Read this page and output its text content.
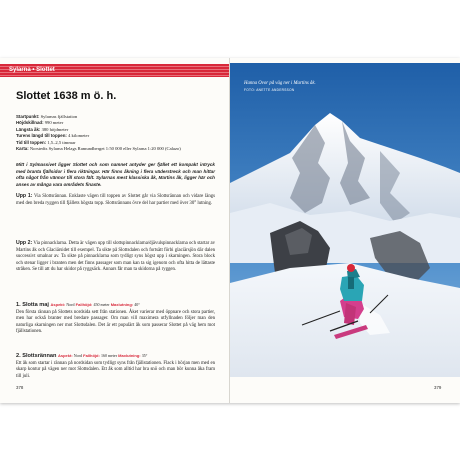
Sylarna • Slottet
Slottet 1638 m ö. h.
Startpunkt: Sylarnas fjällstation
Höjdskillnad: 990 meter
Längsta åk: 380 höjdmeter
Turens längd till toppen: 4 kilometer
Tid till toppen: 1,5–2,5 timmar
Karta: Norstedts Sylarna Helags Ramundberget 1:50 000 eller Sylarna 1:20 000 (Calazo)
Mitt i Sylmassivet ligger Slottet och som namnet antyder ger fjället ett kompakt intryck med branta fjällsidor i flera riktningar. Här finns åkning i flera väderstreck och man hittar ofta något från vännor till stora fält. Sylarnas mest klassiska åk, Martins åk, ligger här och anses av många vara områdets finaste.
Upp 1: Via Slottsrännan. Enklaste vägen till toppen av Slottet går via Slottsrännan och vidare längs med den breda ryggen till fjällets högsta topp. Slottsrännans övre del har partier med över 30° lutning.
Upp 2: Via pinnacklarna. Detta är vägen upp till slottspinnacklarna/djävulspinnacklarna och startar av Martins åk och Glaciärsidet till exempel. Ta sikte på Slottsdalen och fortsätt förbi glaciärsjön där dalen successivt smalnar av. Ta sikte på pinnacklarna som tydligt syns högst upp i skarningen. Stora block och stenar ligger i branten men det finns passager som man kan ta sig igenom och ofta hitta de lättaste stråken. Se till att du har skidor på ryggsäck. Annars får man ta skidorna på ryggen.
1. Slotta maj Aspekt: Nord Fallhöjd: 450 meter Maxlutning: 40°
Den första rännan på Slottets nordsida sett från stationen. Åket varierar med öppnare och stora partier, men har också branter med bredare passager. Om man vill maximera utfyllnaden följer man den naturliga skarningen ner mot Slottsdalen. Det är ett populärt åk som passerar Slottet på väg hem mot fjällstationen.
2. Slottsrännan Aspekt: Nord Fallhöjd: 160 meter Maxlutning: 35°
Ett åk som startar i rännan på nordsidan som tydligt syns från fjällstationen. Flack i början men med en skarp kontur på vägen ner mot Slottsdalen. Ett åk som alltid har bra snö och man bör kunna åka fram till juli.
378
Hanna Ovor på väg ner i Martins åk.
FOTO: ANETTE ANDERSSON
379
